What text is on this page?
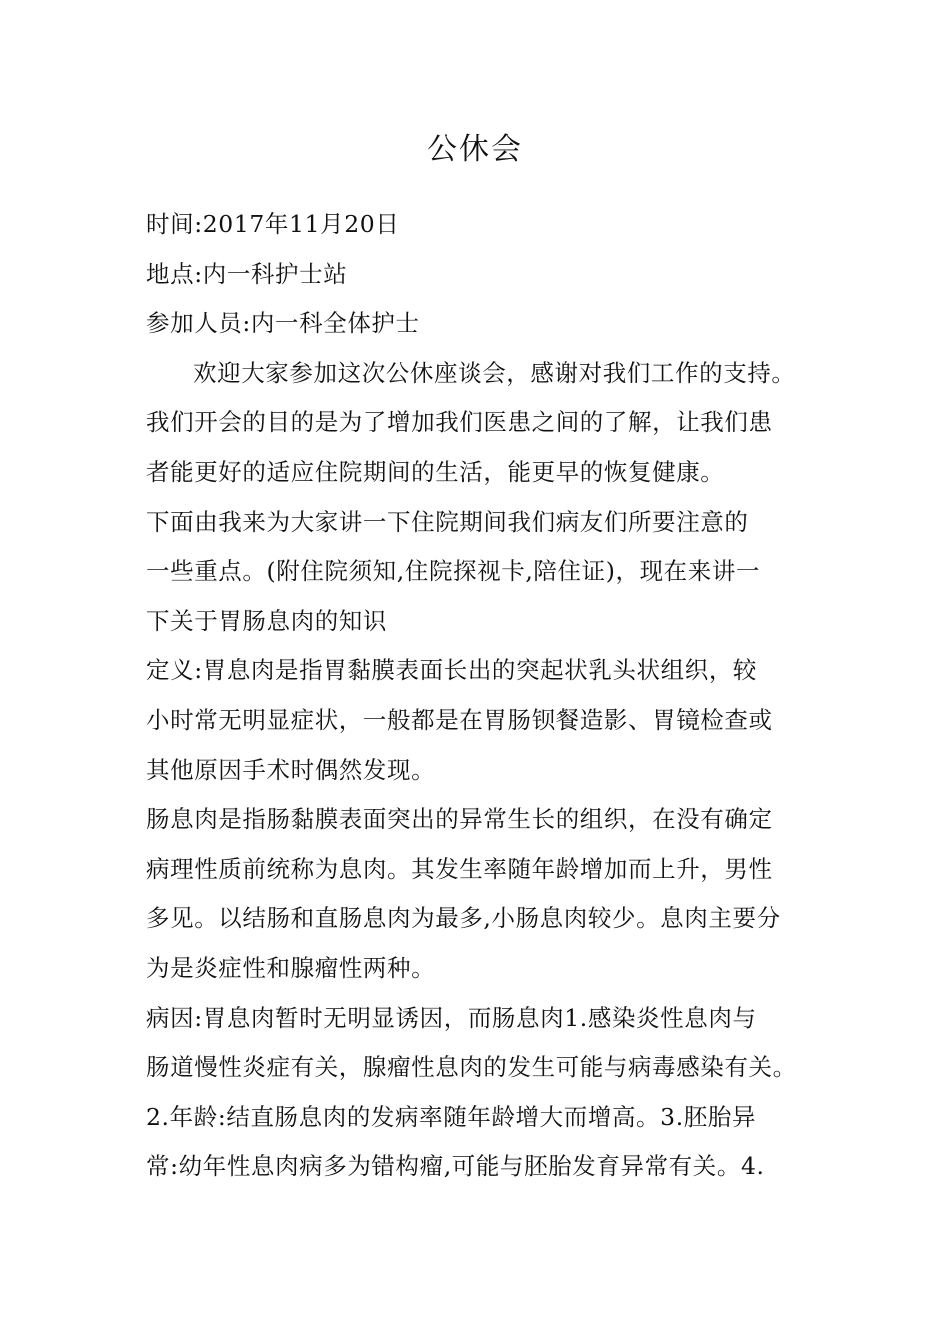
公休会
时间:2017年11月20日
地点:内一科护士站
参加人员:内一科全体护士
欢迎大家参加这次公休座谈会，感谢对我们工作的支持。
我们开会的目的是为了增加我们医患之间的了解，让我们患
者能更好的适应住院期间的生活，能更早的恢复健康。
下面由我来为大家讲一下住院期间我们病友们所要注意的
一些重点。(附住院须知,住院探视卡,陪住证)，现在来讲一
下关于胃肠息肉的知识
定义:胃息肉是指胃黏膜表面长出的突起状乳头状组织，较
小时常无明显症状，一般都是在胃肠钡餐造影、胃镜检查或
其他原因手术时偶然发现。
肠息肉是指肠黏膜表面突出的异常生长的组织，在没有确定
病理性质前统称为息肉。其发生率随年龄增加而上升，男性
多见。以结肠和直肠息肉为最多,小肠息肉较少。息肉主要分
为是炎症性和腺瘤性两种。
病因:胃息肉暂时无明显诱因，而肠息肉1.感染炎性息肉与
肠道慢性炎症有关，腺瘤性息肉的发生可能与病毒感染有关。
2.年龄:结直肠息肉的发病率随年龄增大而增高。3.胚胎异
常:幼年性息肉病多为错构瘤,可能与胚胎发育异常有关。4.
